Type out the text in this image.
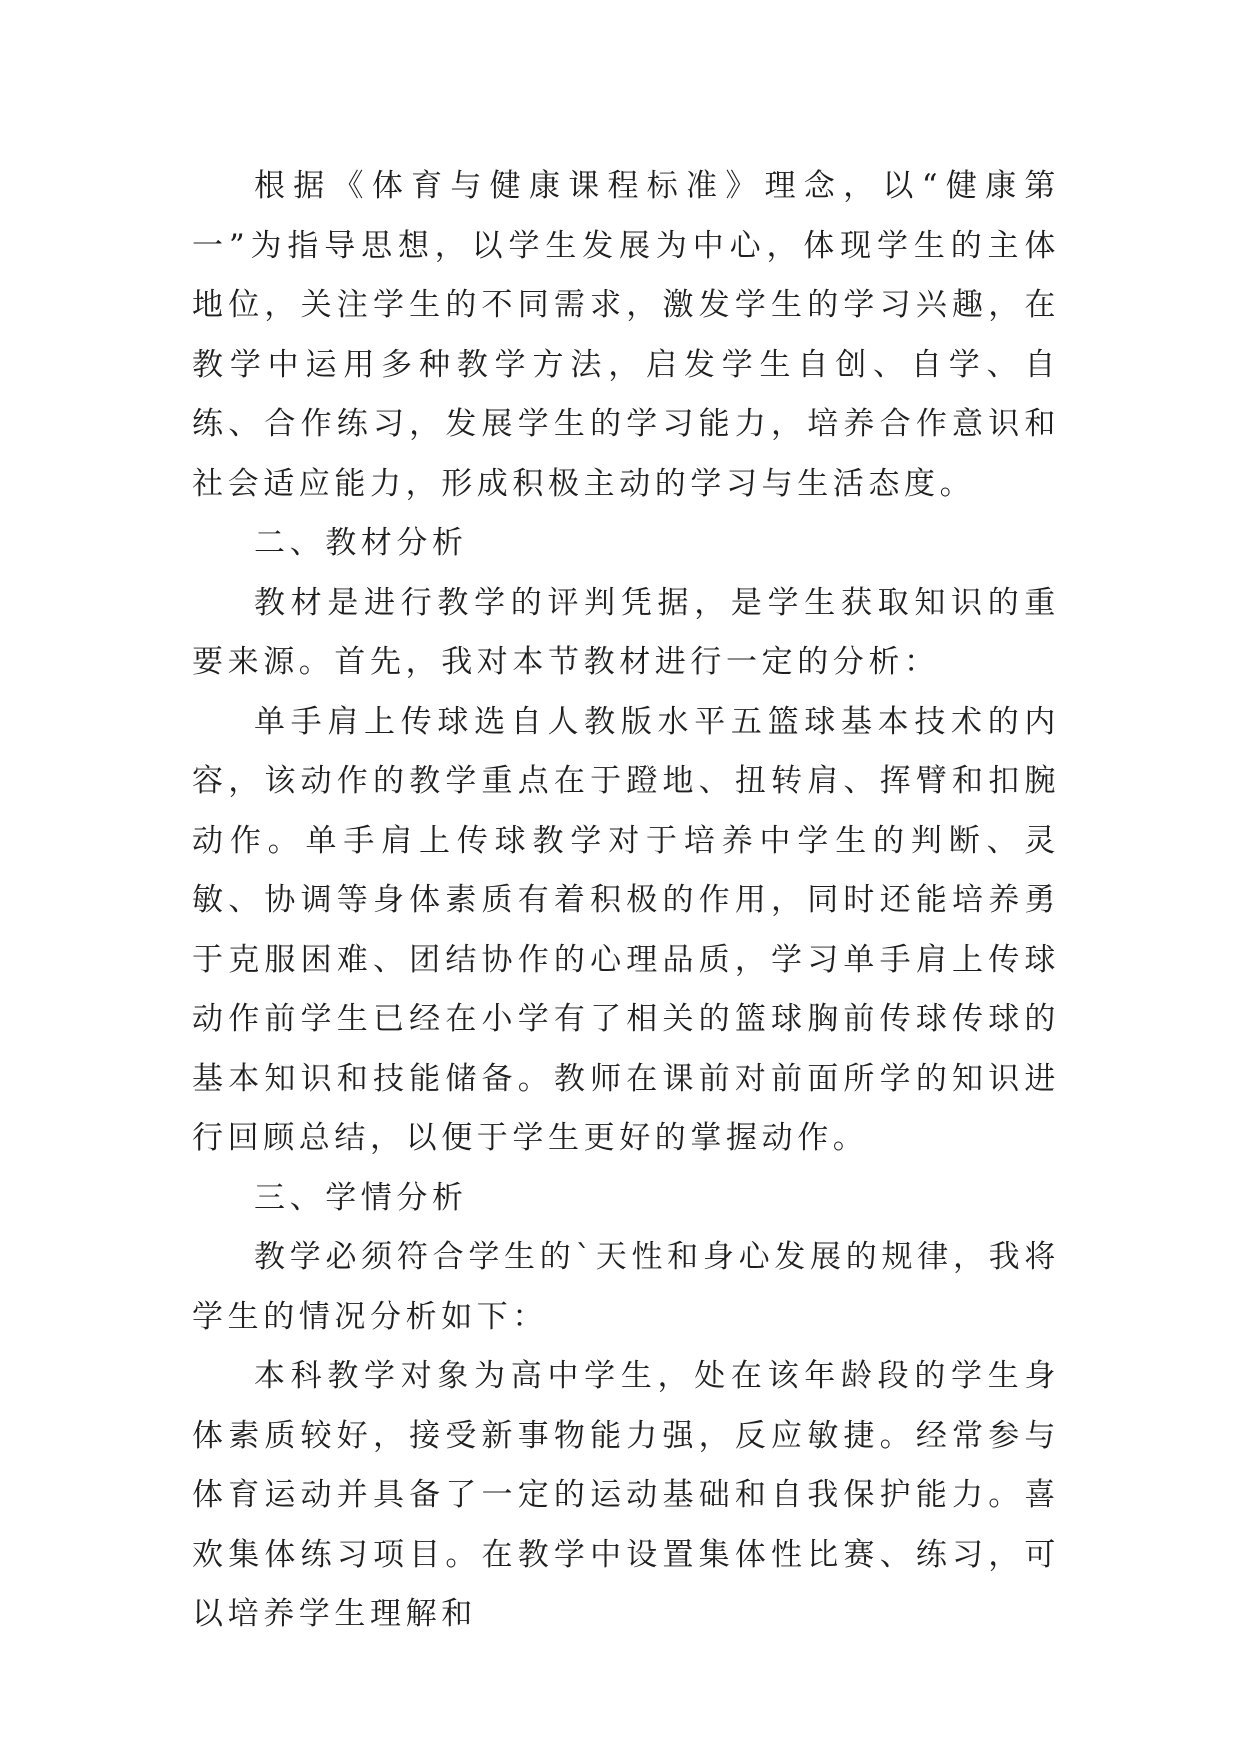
根据《体育与健康课程标准》理念，以“健康第一”为指导思想，以学生发展为中心，体现学生的主体地位，关注学生的不同需求，激发学生的学习兴趣，在教学中运用多种教学方法，启发学生自创、自学、自练、合作练习，发展学生的学习能力，培养合作意识和社会适应能力，形成积极主动的学习与生活态度。

二、教材分析

教材是进行教学的评判凭据，是学生获取知识的重要来源。首先，我对本节教材进行一定的分析：

单手肩上传球选自人教版水平五篮球基本技术的内容，该动作的教学重点在于蹬地、扭转肩、挥臂和扣腕动作。单手肩上传球教学对于培养中学生的判断、灵敏、协调等身体素质有着积极的作用，同时还能培养勇于克服困难、团结协作的心理品质，学习单手肩上传球动作前学生已经在小学有了相关的篮球胸前传球传球的基本知识和技能储备。教师在课前对前面所学的知识进行回顾总结，以便于学生更好的掌握动作。

三、学情分析

教学必须符合学生的`天性和身心发展的规律，我将学生的情况分析如下：

本科教学对象为高中学生，处在该年龄段的学生身体素质较好，接受新事物能力强，反应敏捷。经常参与体育运动并具备了一定的运动基础和自我保护能力。喜欢集体练习项目。在教学中设置集体性比赛、练习，可以培养学生理解和
